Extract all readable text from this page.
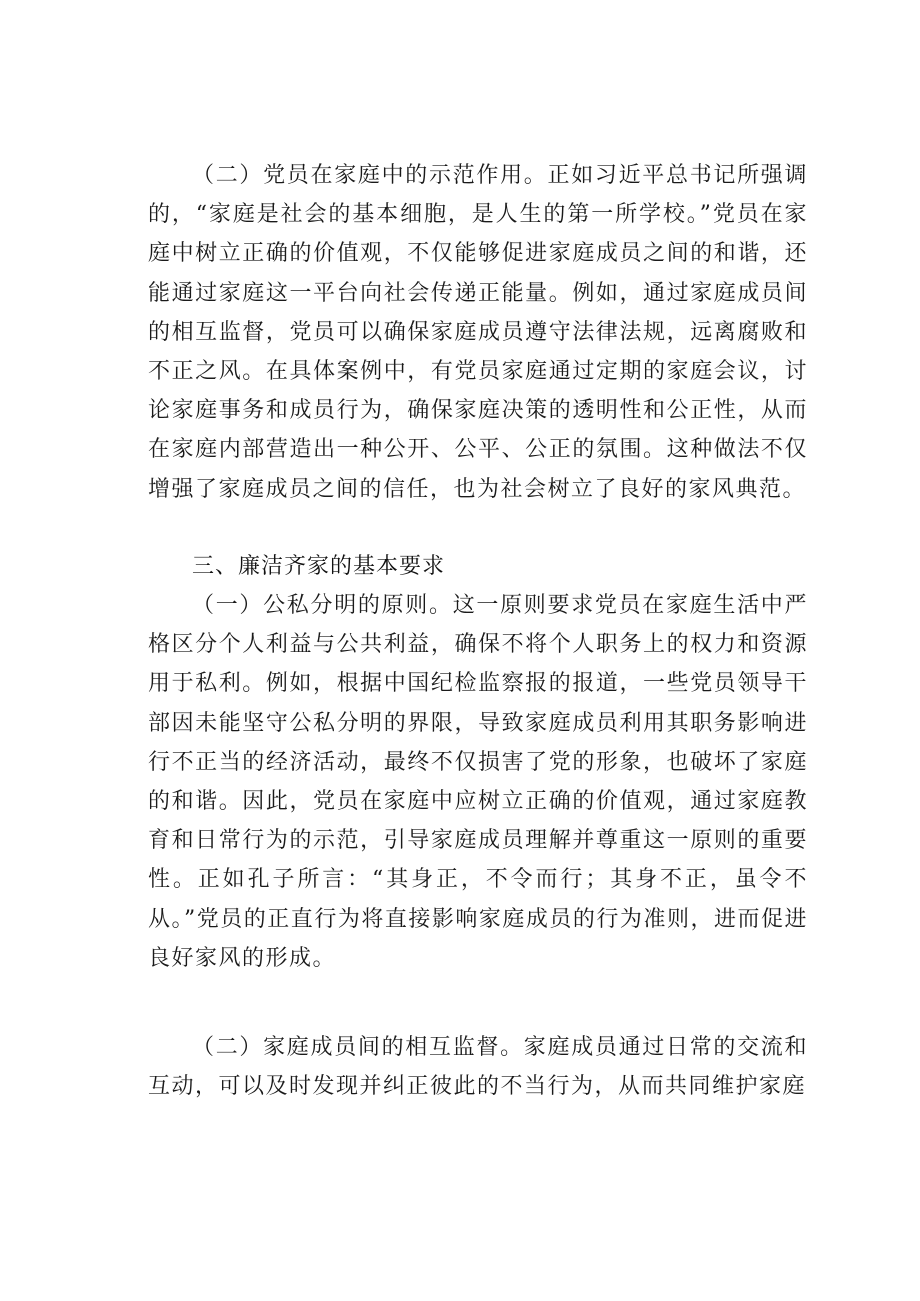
（二）党员在家庭中的示范作用。正如习近平总书记所强调的，“家庭是社会的基本细胞，是人生的第一所学校。”党员在家庭中树立正确的价值观，不仅能够促进家庭成员之间的和谐，还能通过家庭这一平台向社会传递正能量。例如，通过家庭成员间的相互监督，党员可以确保家庭成员遵守法律法规，远离腐败和不正之风。在具体案例中，有党员家庭通过定期的家庭会议，讨论家庭事务和成员行为，确保家庭决策的透明性和公正性，从而在家庭内部营造出一种公开、公平、公正的氛围。这种做法不仅增强了家庭成员之间的信任，也为社会树立了良好的家风典范。

三、廉洁齐家的基本要求

（一）公私分明的原则。这一原则要求党员在家庭生活中严格区分个人利益与公共利益，确保不将个人职务上的权力和资源用于私利。例如，根据中国纪检监察报的报道，一些党员领导干部因未能坚守公私分明的界限，导致家庭成员利用其职务影响进行不正当的经济活动，最终不仅损害了党的形象，也破坏了家庭的和谐。因此，党员在家庭中应树立正确的价值观，通过家庭教育和日常行为的示范，引导家庭成员理解并尊重这一原则的重要性。正如孔子所言：“其身正，不令而行；其身不正，虽令不从。”党员的正直行为将直接影响家庭成员的行为准则，进而促进良好家风的形成。

（二）家庭成员间的相互监督。家庭成员通过日常的交流和互动，可以及时发现并纠正彼此的不当行为，从而共同维护家庭
